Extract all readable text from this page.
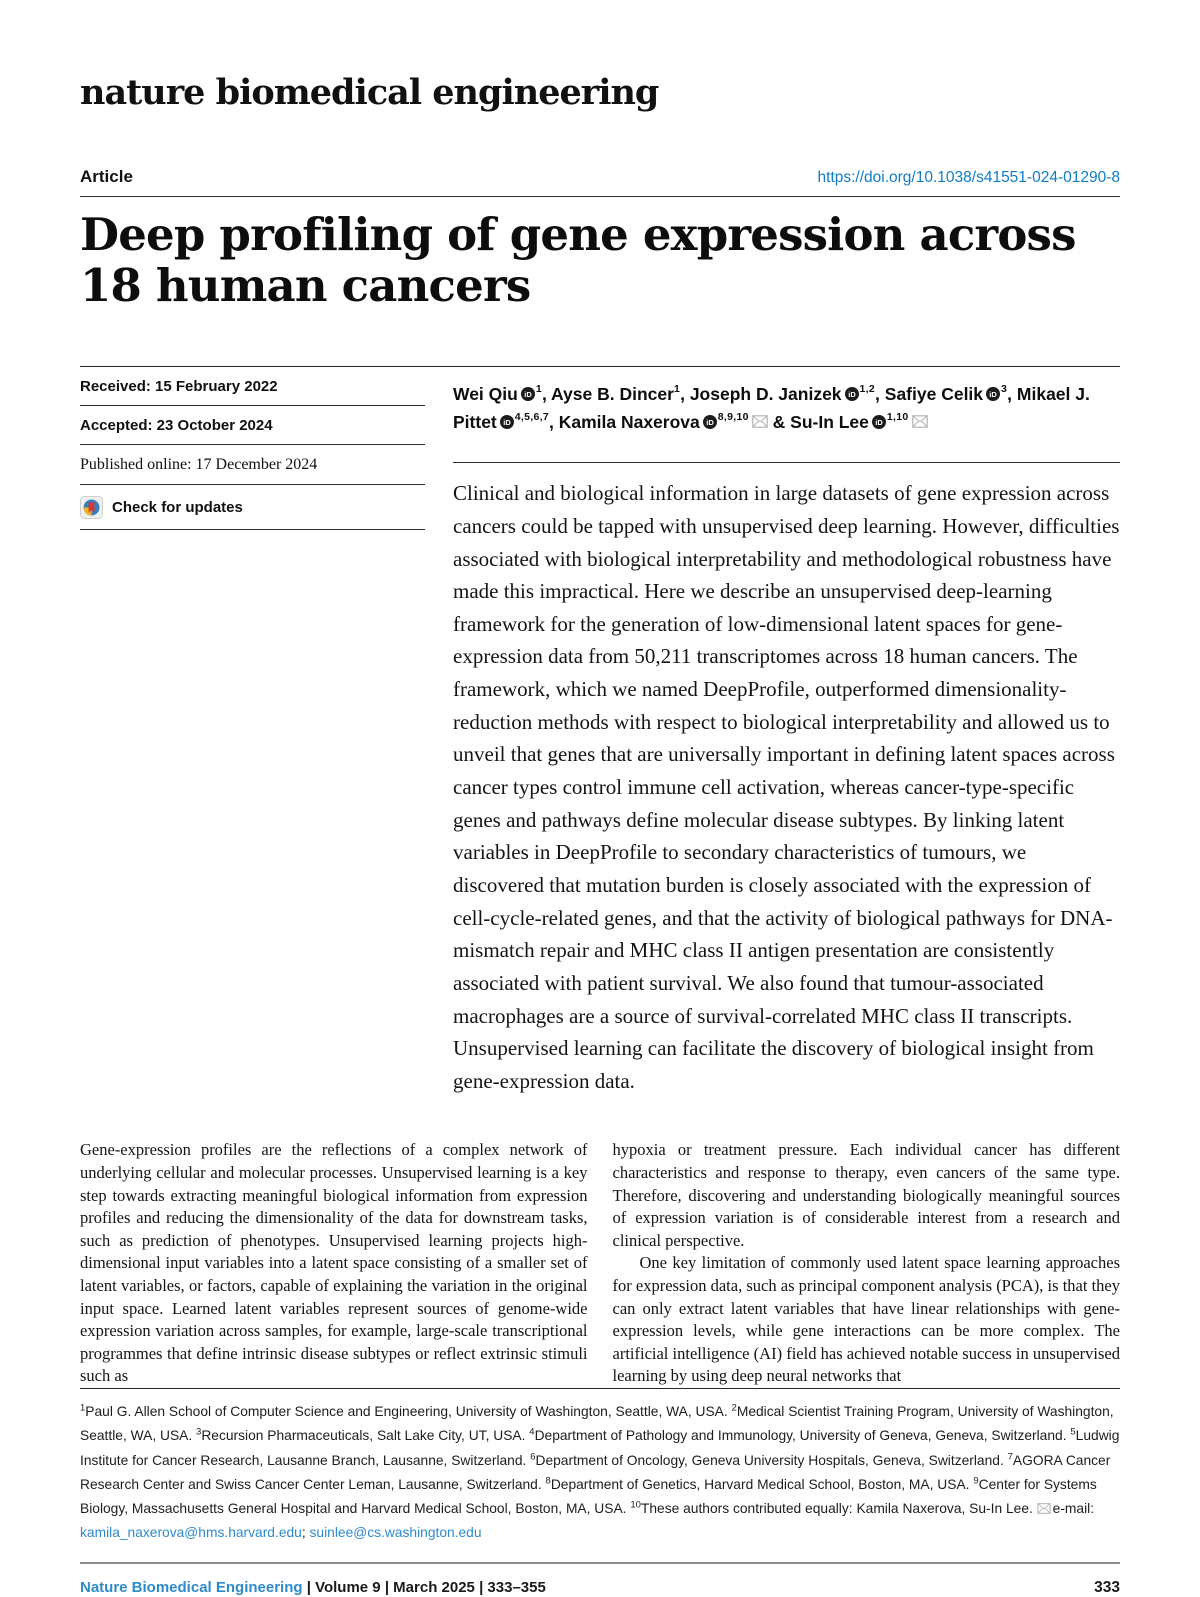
nature biomedical engineering
Article	https://doi.org/10.1038/s41551-024-01290-8
Deep profiling of gene expression across 18 human cancers
Received: 15 February 2022
Accepted: 23 October 2024
Published online: 17 December 2024
Check for updates
Wei Qiu iD $^1$, Ayse B. Dincer$^1$, Joseph D. Janizek iD $^{1,2}$, Safiye Celik iD $^3$, Mikael J. Pittet iD $^{4,5,6,7}$, Kamila Naxerova iD $^{8,9,10}$ & Su-In Lee iD $^{1,10}$

Clinical and biological information in large datasets of gene expression across cancers could be tapped with unsupervised deep learning. However, difficulties associated with biological interpretability and methodological robustness have made this impractical. Here we describe an unsupervised deep-learning framework for the generation of low-dimensional latent spaces for gene-expression data from 50,211 transcriptomes across 18 human cancers. The framework, which we named DeepProfile, outperformed dimensionality-reduction methods with respect to biological interpretability and allowed us to unveil that genes that are universally important in defining latent spaces across cancer types control immune cell activation, whereas cancer-type-specific genes and pathways define molecular disease subtypes. By linking latent variables in DeepProfile to secondary characteristics of tumours, we discovered that mutation burden is closely associated with the expression of cell-cycle-related genes, and that the activity of biological pathways for DNA-mismatch repair and MHC class II antigen presentation are consistently associated with patient survival. We also found that tumour-associated macrophages are a source of survival-correlated MHC class II transcripts. Unsupervised learning can facilitate the discovery of biological insight from gene-expression data.

Gene-expression profiles are the reflections of a complex network of underlying cellular and molecular processes. Unsupervised learning is a key step towards extracting meaningful biological information from expression profiles and reducing the dimensionality of the data for downstream tasks, such as prediction of phenotypes. Unsupervised learning projects high-dimensional input variables into a latent space consisting of a smaller set of latent variables, or factors, capable of explaining the variation in the original input space. Learned latent variables represent sources of genome-wide expression variation across samples, for example, large-scale transcriptional programmes that define intrinsic disease subtypes or reflect extrinsic stimuli such as

hypoxia or treatment pressure. Each individual cancer has different characteristics and response to therapy, even cancers of the same type. Therefore, discovering and understanding biologically meaningful sources of expression variation is of considerable interest from a research and clinical perspective.

One key limitation of commonly used latent space learning approaches for expression data, such as principal component analysis (PCA), is that they can only extract latent variables that have linear relationships with gene-expression levels, while gene interactions can be more complex. The artificial intelligence (AI) field has achieved notable success in unsupervised learning by using deep neural networks that

$^1$Paul G. Allen School of Computer Science and Engineering, University of Washington, Seattle, WA, USA. $^2$Medical Scientist Training Program, University of Washington, Seattle, WA, USA. $^3$Recursion Pharmaceuticals, Salt Lake City, UT, USA. $^4$Department of Pathology and Immunology, University of Geneva, Geneva, Switzerland. $^5$Ludwig Institute for Cancer Research, Lausanne Branch, Lausanne, Switzerland. $^6$Department of Oncology, Geneva University Hospitals, Geneva, Switzerland. $^7$AGORA Cancer Research Center and Swiss Cancer Center Leman, Lausanne, Switzerland. $^8$Department of Genetics, Harvard Medical School, Boston, MA, USA. $^9$Center for Systems Biology, Massachusetts General Hospital and Harvard Medical School, Boston, MA, USA. $^{10}$These authors contributed equally: Kamila Naxerova, Su-In Lee. e-mail: kamila_naxerova@hms.harvard.edu; suinlee@cs.washington.edu
Nature Biomedical Engineering | Volume 9 | March 2025 | 333–355	333
